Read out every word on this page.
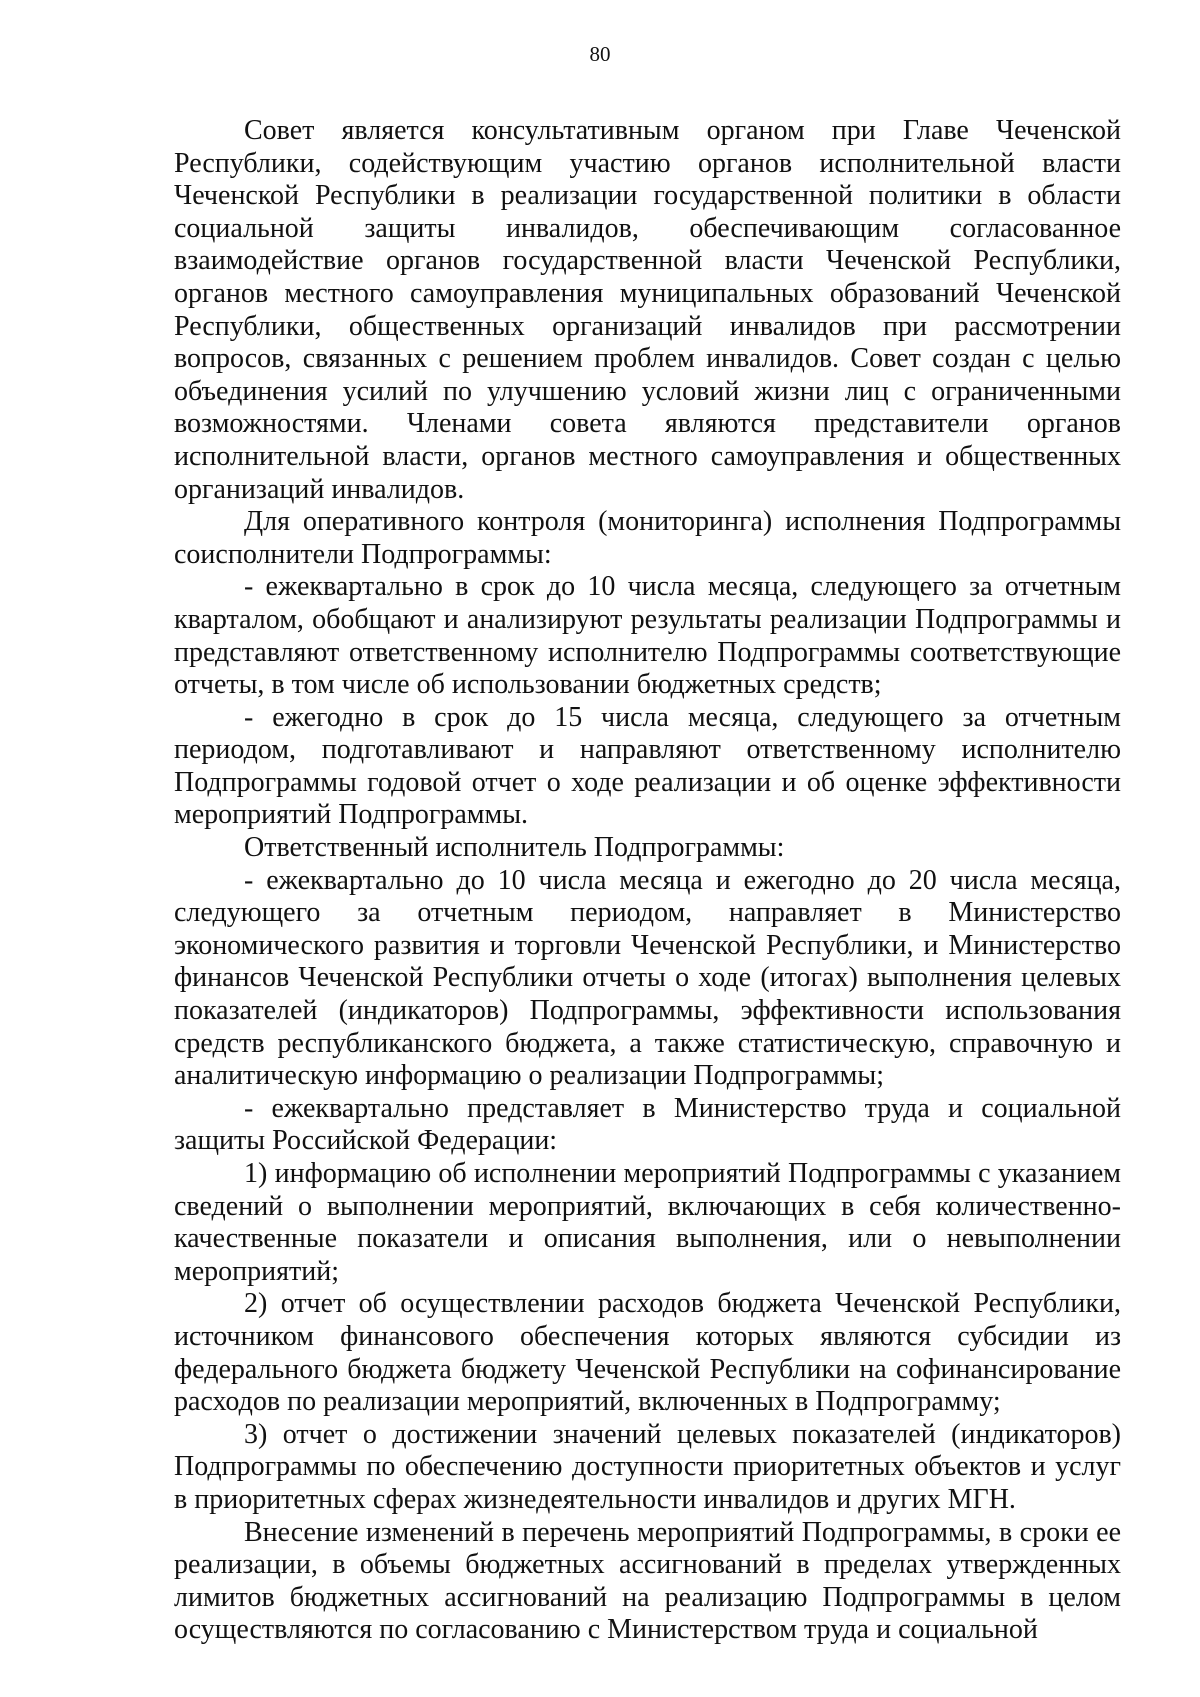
80

Совет является консультативным органом при Главе Чеченской Республики, содействующим участию органов исполнительной власти Чеченской Республики в реализации государственной политики в области социальной защиты инвалидов, обеспечивающим согласованное взаимодействие органов государственной власти Чеченской Республики, органов местного самоуправления муниципальных образований Чеченской Республики, общественных организаций инвалидов при рассмотрении вопросов, связанных с решением проблем инвалидов. Совет создан с целью объединения усилий по улучшению условий жизни лиц с ограниченными возможностями. Членами совета являются представители органов исполнительной власти, органов местного самоуправления и общественных организаций инвалидов.

Для оперативного контроля (мониторинга) исполнения Подпрограммы соисполнители Подпрограммы:

- ежеквартально в срок до 10 числа месяца, следующего за отчетным кварталом, обобщают и анализируют результаты реализации Подпрограммы и представляют ответственному исполнителю Подпрограммы соответствующие отчеты, в том числе об использовании бюджетных средств;

- ежегодно в срок до 15 числа месяца, следующего за отчетным периодом, подготавливают и направляют ответственному исполнителю Подпрограммы годовой отчет о ходе реализации и об оценке эффективности мероприятий Подпрограммы.

Ответственный исполнитель Подпрограммы:

- ежеквартально до 10 числа месяца и ежегодно до 20 числа месяца, следующего за отчетным периодом, направляет в Министерство экономического развития и торговли Чеченской Республики, и Министерство финансов Чеченской Республики отчеты о ходе (итогах) выполнения целевых показателей (индикаторов) Подпрограммы, эффективности использования средств республиканского бюджета, а также статистическую, справочную и аналитическую информацию о реализации Подпрограммы;

- ежеквартально представляет в Министерство труда и социальной защиты Российской Федерации:

1) информацию об исполнении мероприятий Подпрограммы с указанием сведений о выполнении мероприятий, включающих в себя количественно-качественные показатели и описания выполнения, или о невыполнении мероприятий;

2) отчет об осуществлении расходов бюджета Чеченской Республики, источником финансового обеспечения которых являются субсидии из федерального бюджета бюджету Чеченской Республики на софинансирование расходов по реализации мероприятий, включенных в Подпрограмму;

3) отчет о достижении значений целевых показателей (индикаторов) Подпрограммы по обеспечению доступности приоритетных объектов и услуг в приоритетных сферах жизнедеятельности инвалидов и других МГН.

Внесение изменений в перечень мероприятий Подпрограммы, в сроки ее реализации, в объемы бюджетных ассигнований в пределах утвержденных лимитов бюджетных ассигнований на реализацию Подпрограммы в целом осуществляются по согласованию с Министерством труда и социальной
